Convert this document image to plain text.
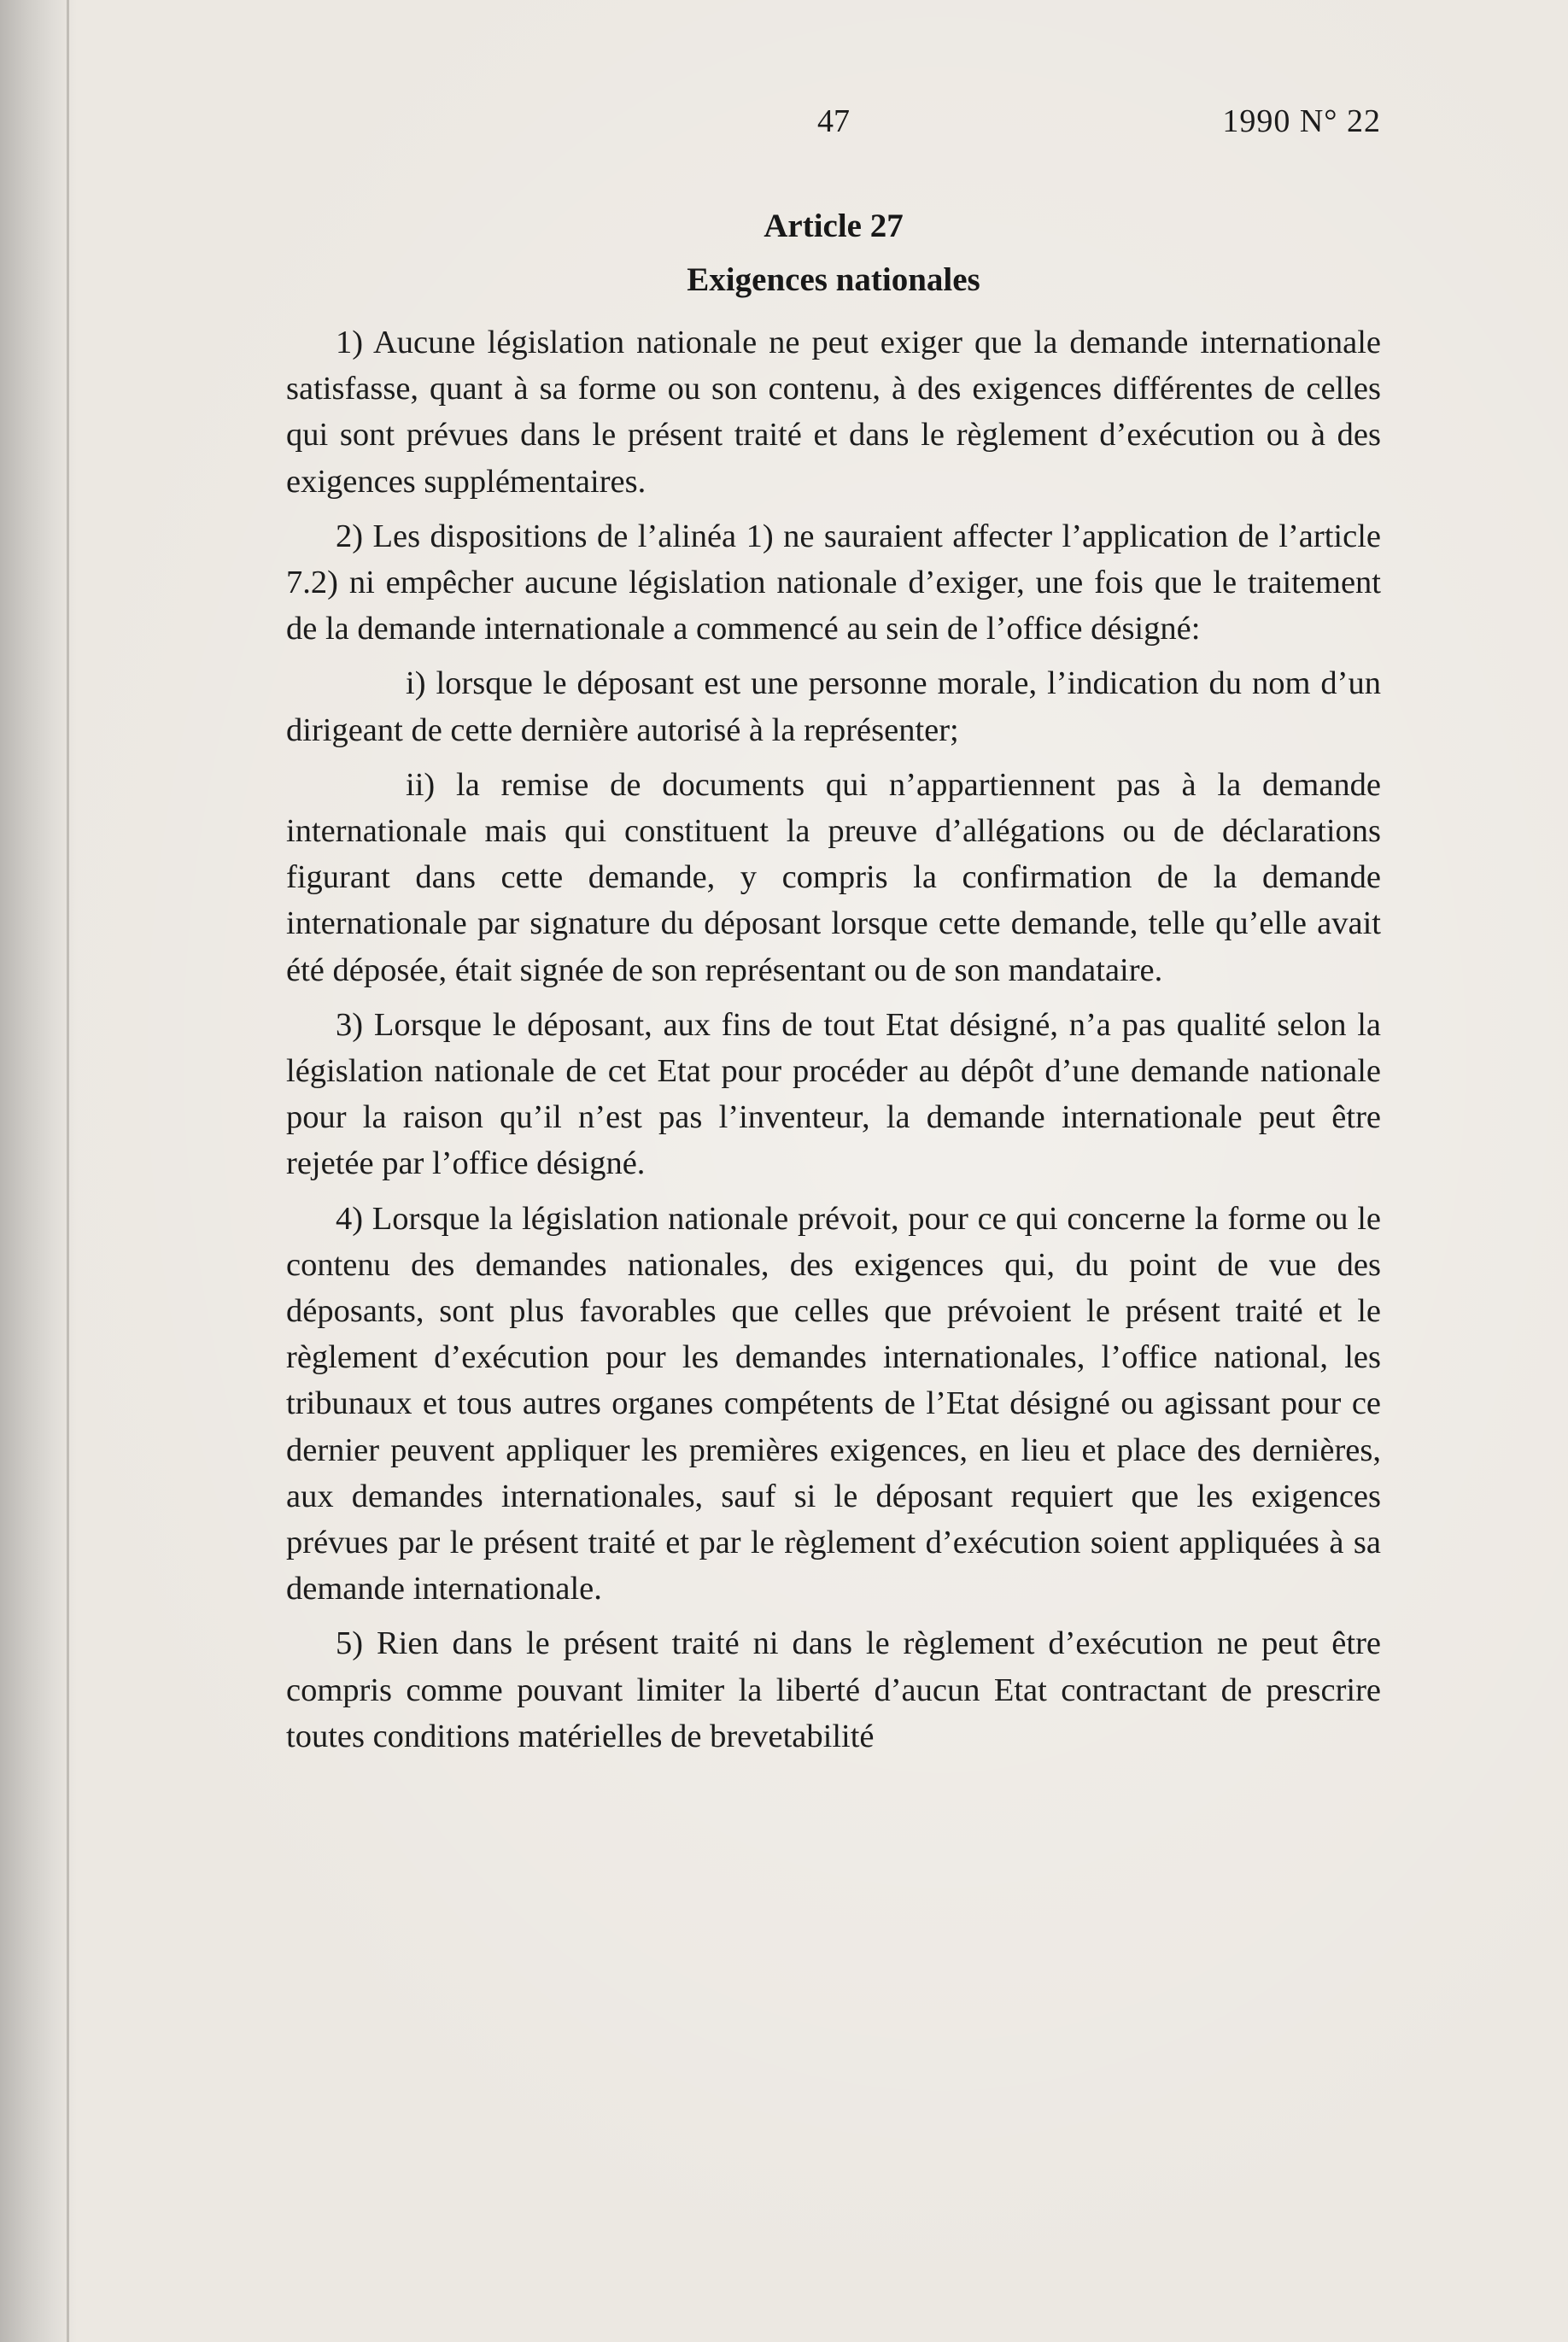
47	1990 N° 22
Article 27
Exigences nationales

1) Aucune législation nationale ne peut exiger que la demande internationale satisfasse, quant à sa forme ou son contenu, à des exigences différentes de celles qui sont prévues dans le présent traité et dans le règlement d’exécution ou à des exigences supplémentaires.

2) Les dispositions de l’alinéa 1) ne sauraient affecter l’application de l’article 7.2) ni empêcher aucune législation nationale d’exiger, une fois que le traitement de la demande internationale a commencé au sein de l’office désigné:

i) lorsque le déposant est une personne morale, l’indication du nom d’un dirigeant de cette dernière autorisé à la représenter;

ii) la remise de documents qui n’appartiennent pas à la demande internationale mais qui constituent la preuve d’allégations ou de déclarations figurant dans cette demande, y compris la confirmation de la demande internationale par signature du déposant lorsque cette demande, telle qu’elle avait été déposée, était signée de son représentant ou de son mandataire.

3) Lorsque le déposant, aux fins de tout Etat désigné, n’a pas qualité selon la législation nationale de cet Etat pour procéder au dépôt d’une demande nationale pour la raison qu’il n’est pas l’inventeur, la demande internationale peut être rejetée par l’office désigné.

4) Lorsque la législation nationale prévoit, pour ce qui concerne la forme ou le contenu des demandes nationales, des exigences qui, du point de vue des déposants, sont plus favorables que celles que prévoient le présent traité et le règlement d’exécution pour les demandes internationales, l’office national, les tribunaux et tous autres organes compétents de l’Etat désigné ou agissant pour ce dernier peuvent appliquer les premières exigences, en lieu et place des dernières, aux demandes internationales, sauf si le déposant requiert que les exigences prévues par le présent traité et par le règlement d’exécution soient appliquées à sa demande internationale.

5) Rien dans le présent traité ni dans le règlement d’exécution ne peut être compris comme pouvant limiter la liberté d’aucun Etat contractant de prescrire toutes conditions matérielles de brevetabilité
